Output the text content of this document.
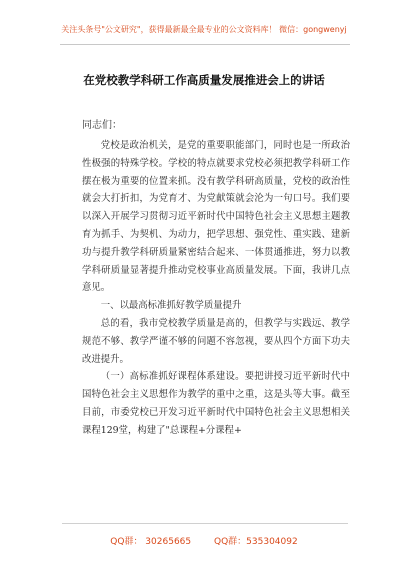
关注头条号"公文研究"，获得最新最全最专业的公文资料库！ 微信：gongwenyj
在党校教学科研工作高质量发展推进会上的讲话
同志们：

党校是政治机关，是党的重要职能部门，同时也是一所政治性极强的特殊学校。学校的特点就要求党校必须把教学科研工作摆在极为重要的位置来抓。没有教学科研高质量，党校的政治性就会大打折扣，为党育才、为党献策就会沦为一句口号。我们要以深入开展学习贯彻习近平新时代中国特色社会主义思想主题教育为抓手、为契机、为动力，把学思想、强党性、重实践、建新功与提升教学科研质量紧密结合起来、一体贯通推进，努力以教学科研质量显著提升推动党校事业高质量发展。下面，我讲几点意见。

一、以最高标准抓好教学质量提升

总的看，我市党校教学质量是高的，但教学与实践远、教学规范不够、教学严谨不够的问题不容忽视，要从四个方面下功夫改进提升。

（一）高标准抓好课程体系建设。要把讲授习近平新时代中国特色社会主义思想作为教学的重中之重，这是头等大事。截至目前，市委党校已开发习近平新时代中国特色社会主义思想相关课程129堂，构建了"总课程+分课程+

QQ群： 30265665	QQ群：535304092
